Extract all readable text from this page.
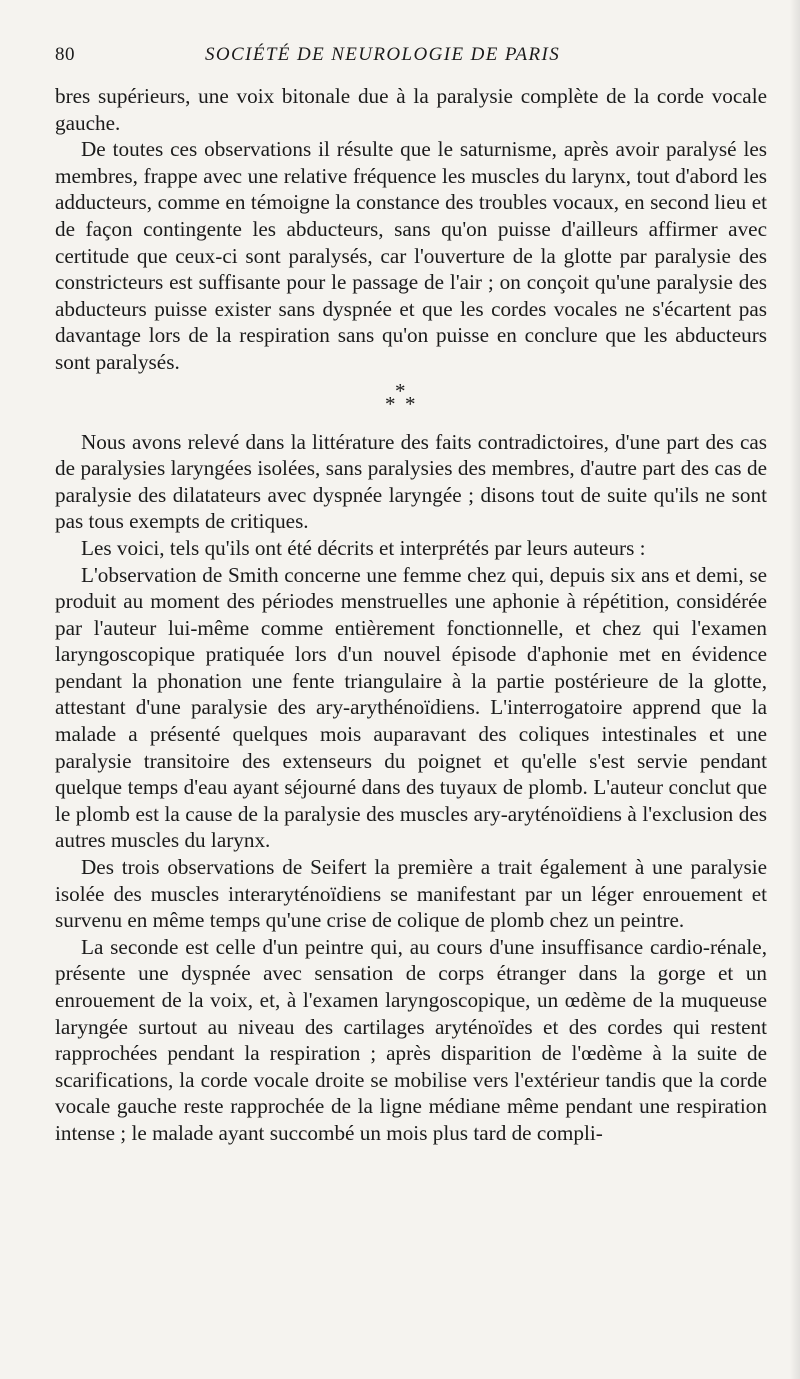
80	SOCIÉTÉ DE NEUROLOGIE DE PARIS

bres supérieurs, une voix bitonale due à la paralysie complète de la corde vocale gauche.

De toutes ces observations il résulte que le saturnisme, après avoir paralysé les membres, frappe avec une relative fréquence les muscles du larynx, tout d'abord les adducteurs, comme en témoigne la constance des troubles vocaux, en second lieu et de façon contingente les abducteurs, sans qu'on puisse d'ailleurs affirmer avec certitude que ceux-ci sont paralysés, car l'ouverture de la glotte par paralysie des constricteurs est suffisante pour le passage de l'air ; on conçoit qu'une paralysie des abducteurs puisse exister sans dyspnée et que les cordes vocales ne s'écartent pas davantage lors de la respiration sans qu'on puisse en conclure que les abducteurs sont paralysés.

*
* *

Nous avons relevé dans la littérature des faits contradictoires, d'une part des cas de paralysies laryngées isolées, sans paralysies des membres, d'autre part des cas de paralysie des dilatateurs avec dyspnée laryngée ; disons tout de suite qu'ils ne sont pas tous exempts de critiques.

Les voici, tels qu'ils ont été décrits et interprétés par leurs auteurs :

L'observation de Smith concerne une femme chez qui, depuis six ans et demi, se produit au moment des périodes menstruelles une aphonie à répétition, considérée par l'auteur lui-même comme entièrement fonctionnelle, et chez qui l'examen laryngoscopique pratiquée lors d'un nouvel épisode d'aphonie met en évidence pendant la phonation une fente triangulaire à la partie postérieure de la glotte, attestant d'une paralysie des ary-arythénoïdiens. L'interrogatoire apprend que la malade a présenté quelques mois auparavant des coliques intestinales et une paralysie transitoire des extenseurs du poignet et qu'elle s'est servie pendant quelque temps d'eau ayant séjourné dans des tuyaux de plomb. L'auteur conclut que le plomb est la cause de la paralysie des muscles ary-aryténoïdiens à l'exclusion des autres muscles du larynx.

Des trois observations de Seifert la première a trait également à une paralysie isolée des muscles interaryténoïdiens se manifestant par un léger enrouement et survenu en même temps qu'une crise de colique de plomb chez un peintre.

La seconde est celle d'un peintre qui, au cours d'une insuffisance cardio-rénale, présente une dyspnée avec sensation de corps étranger dans la gorge et un enrouement de la voix, et, à l'examen laryngoscopique, un œdème de la muqueuse laryngée surtout au niveau des cartilages aryténoïdes et des cordes qui restent rapprochées pendant la respiration ; après disparition de l'œdème à la suite de scarifications, la corde vocale droite se mobilise vers l'extérieur tandis que la corde vocale gauche reste rapprochée de la ligne médiane même pendant une respiration intense ; le malade ayant succombé un mois plus tard de compli-
